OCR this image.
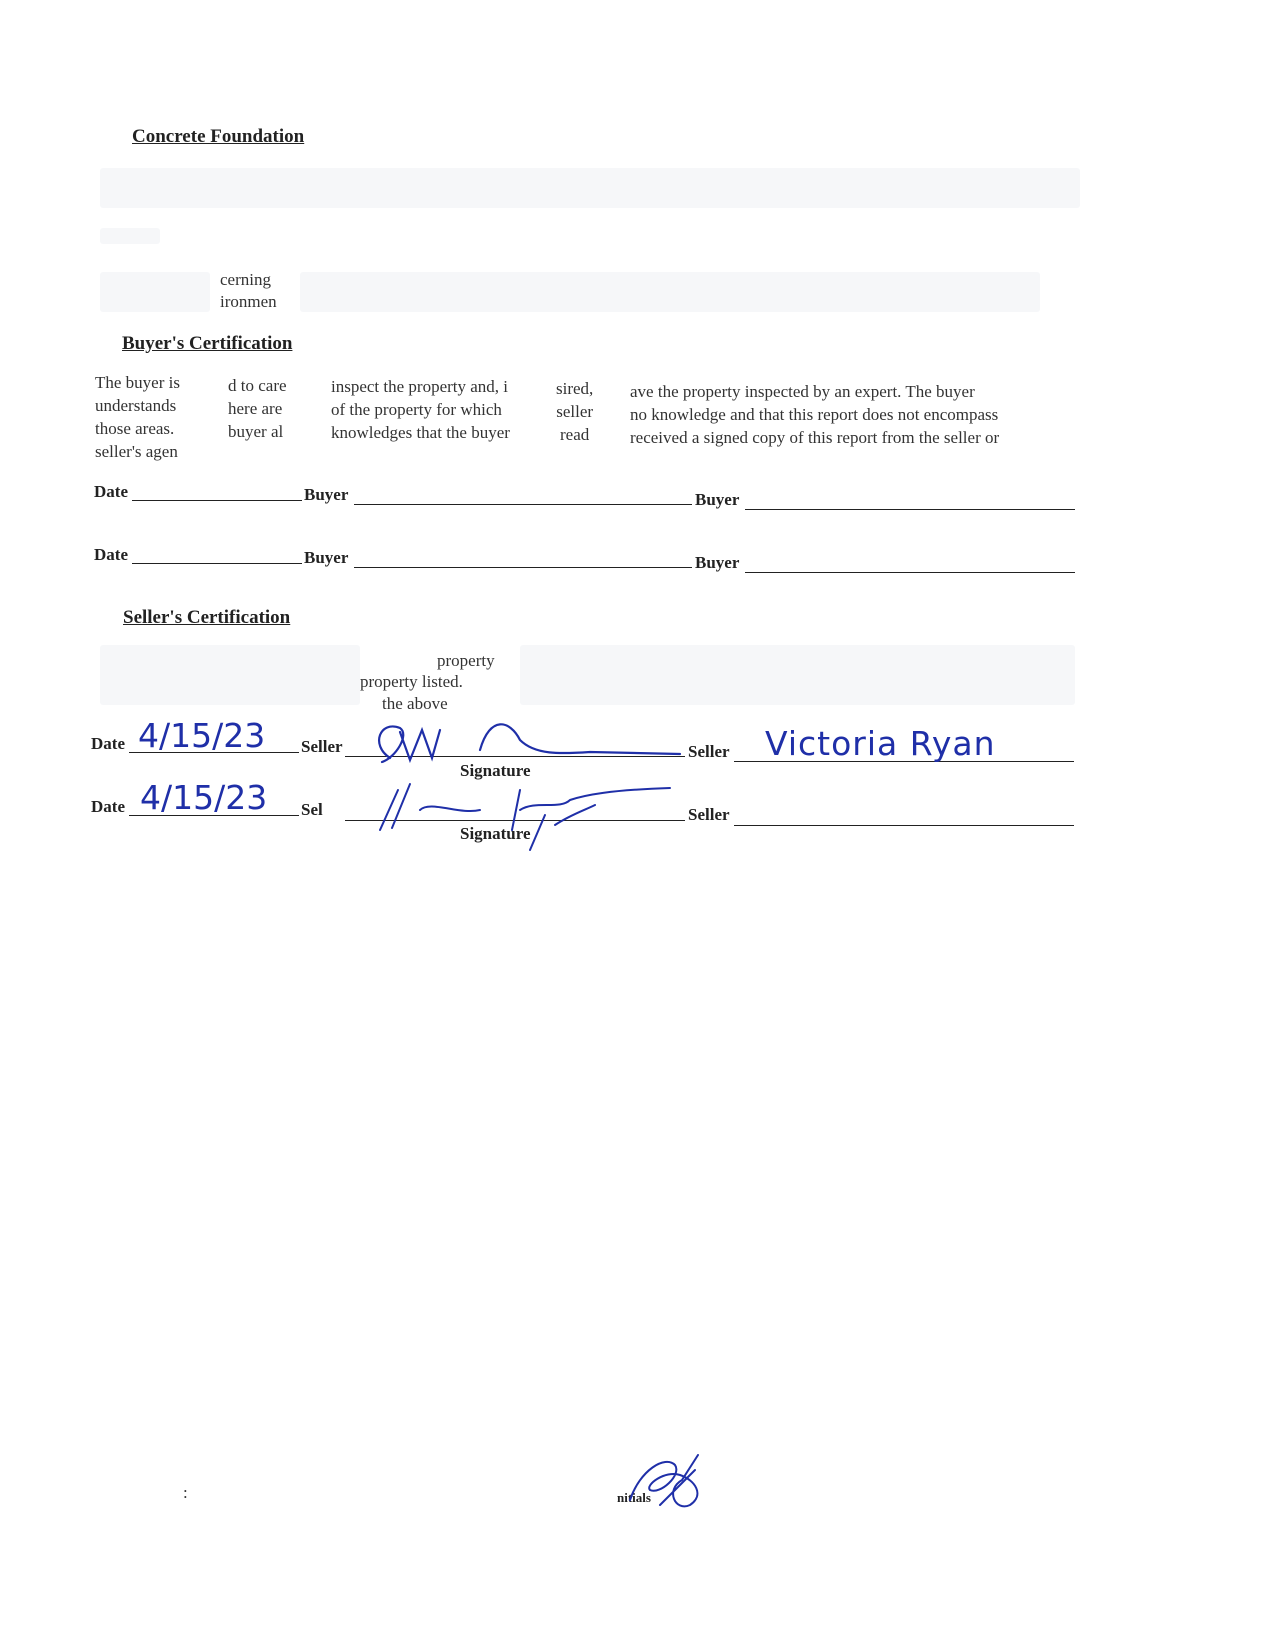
Concrete Foundation
cerning
ironmen
Buyer's Certification
The buyer is
understands
those areas.
seller's agen
d to care
here are
buyer al
inspect the property and, i
of the property for which
knowledges that the buyer
sired,
seller
read
ave the property inspected by an expert. The buyer
no knowledge and that this report does not encompass
received a signed copy of this report from the seller or
Date	Buyer	Buyer
Date	Buyer	Buyer
Seller's Certification
property
property listed.
the above
Date 4/15/23 Seller
Signature
Seller Victoria Ryan
Date 4/15/23 Sel
Signature
Seller
:	nitials
